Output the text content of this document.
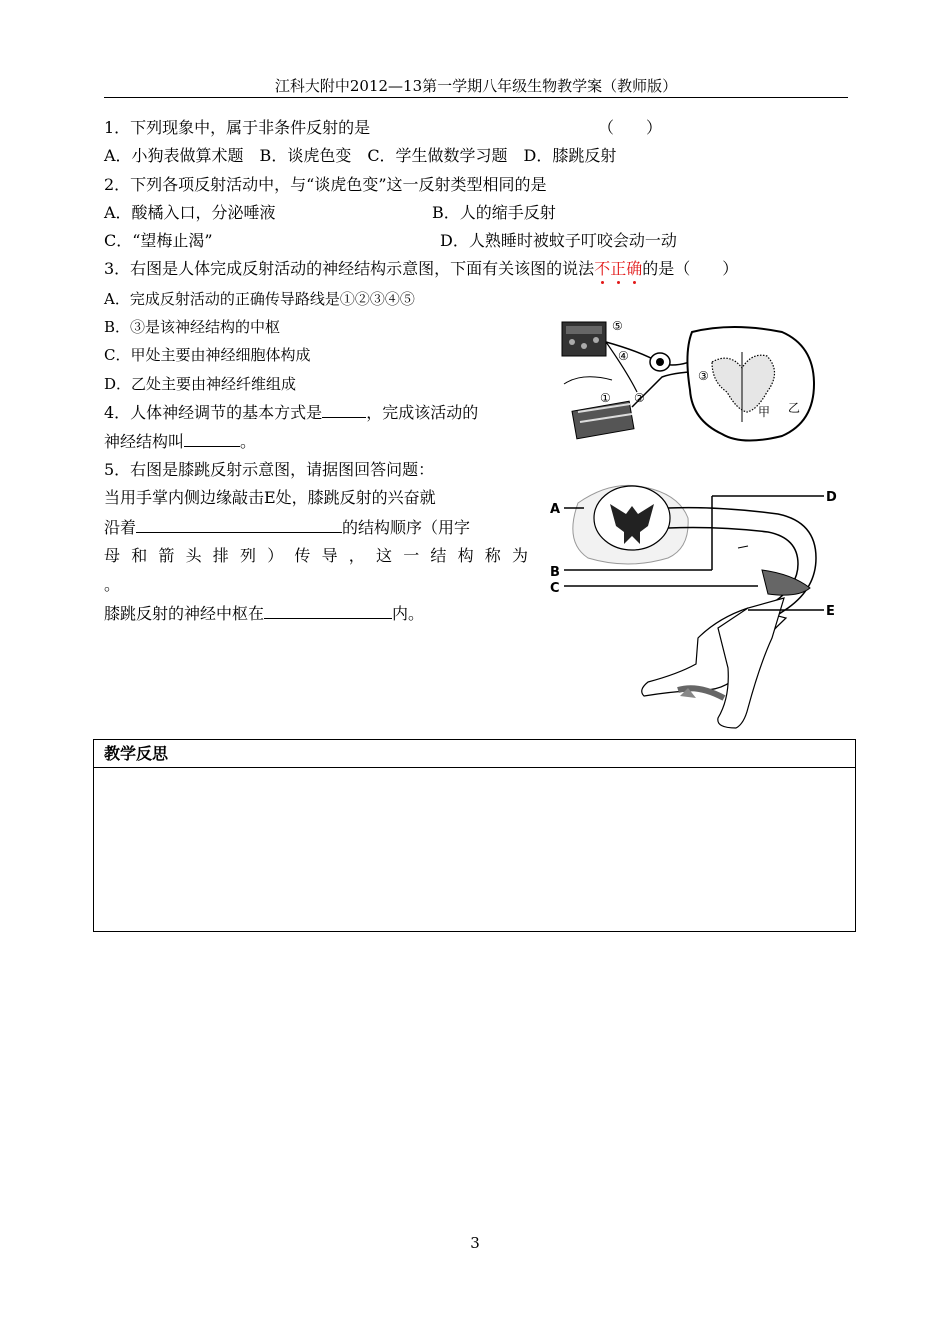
江科大附中2012—13第一学期八年级生物教学案（教师版）
1．下列现象中，属于非条件反射的是	（　　）
A．小狗表做算术题　B．谈虎色变　C．学生做数学习题　D．膝跳反射
2．下列各项反射活动中，与“谈虎色变”这一反射类型相同的是
A．酸橘入口，分泌唾液	B．人的缩手反射
C．“望梅止渴”	D．人熟睡时被蚊子叮咬会动一动
3．右图是人体完成反射活动的神经结构示意图，下面有关该图的说法不正确的是（　　）
A．完成反射活动的正确传导路线是①②③④⑤
B．③是该神经结构的中枢
C．甲处主要由神经细胞体构成
D．乙处主要由神经纤维组成
4．人体神经调节的基本方式是	，完成该活动的
神经结构叫	。
5．右图是膝跳反射示意图，请据图回答问题：
当用手掌内侧边缘敲击E处，膝跳反射的兴奋就
沿着	的结构顺序（用字
母和箭头排列）传导，这一结构称为
。
膝跳反射的神经中枢在	内。
⑤
④
③
① ②
甲 乙
A
B
C
D
E
教学反思
3
